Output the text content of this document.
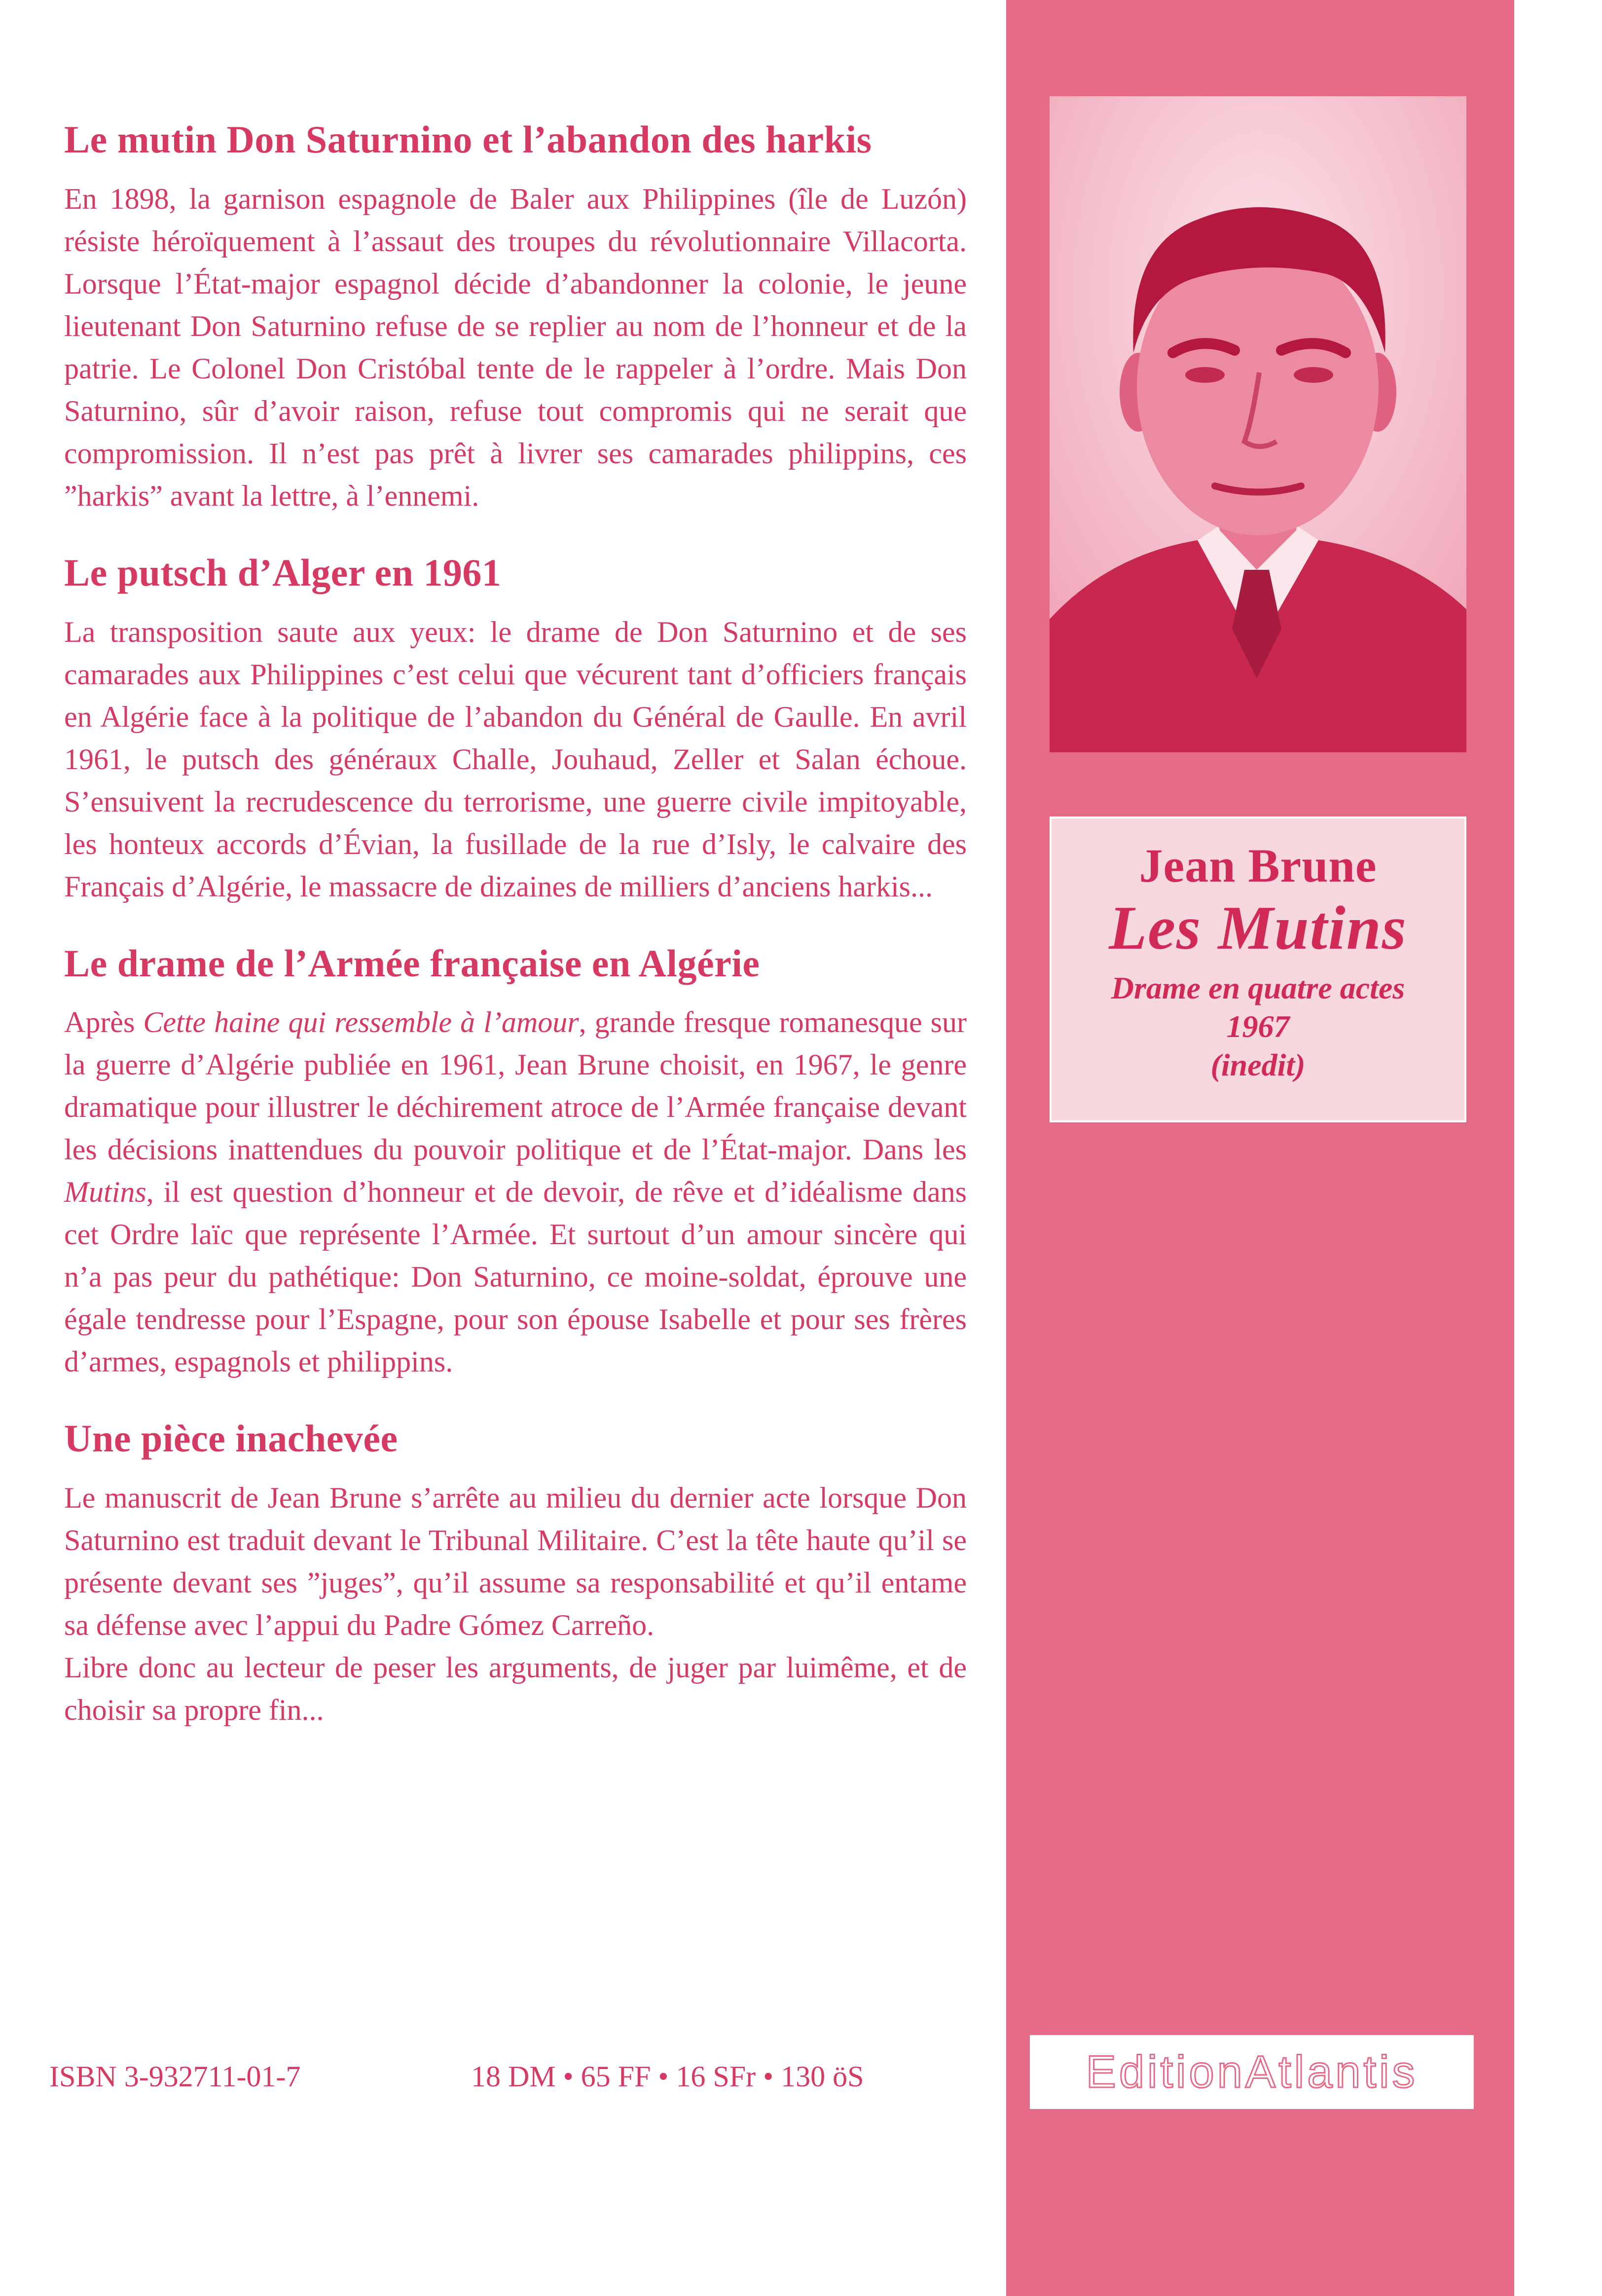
Le mutin Don Saturnino et l’abandon des harkis

En 1898, la garnison espagnole de Baler aux Philippines (île de Luzón) résiste héroïquement à l’assaut des troupes du révolutionnaire Villacorta. Lorsque l’État-major espagnol décide d’abandonner la colonie, le jeune lieutenant Don Saturnino refuse de se replier au nom de l’honneur et de la patrie. Le Colonel Don Cristóbal tente de le rappeler à l’ordre. Mais Don Saturnino, sûr d’avoir raison, refuse tout compromis qui ne serait que compromission. Il n’est pas prêt à livrer ses camarades philippins, ces ”harkis” avant la lettre, à l’ennemi.

Le putsch d’Alger en 1961

La transposition saute aux yeux: le drame de Don Saturnino et de ses camarades aux Philippines c’est celui que vécurent tant d’officiers français en Algérie face à la politique de l’abandon du Général de Gaulle. En avril 1961, le putsch des généraux Challe, Jouhaud, Zeller et Salan échoue. S’ensuivent la recrudescence du terrorisme, une guerre civile impitoyable, les honteux accords d’Évian, la fusillade de la rue d’Isly, le calvaire des Français d’Algérie, le massacre de dizaines de milliers d’anciens harkis...

Le drame de l’Armée française en Algérie

Après Cette haine qui ressemble à l’amour, grande fresque romanesque sur la guerre d’Algérie publiée en 1961, Jean Brune choisit, en 1967, le genre dramatique pour illustrer le déchirement atroce de l’Armée française devant les décisions inattendues du pouvoir politique et de l’État-major. Dans les Mutins, il est question d’honneur et de devoir, de rêve et d’idéalisme dans cet Ordre laïc que représente l’Armée. Et surtout d’un amour sincère qui n’a pas peur du pathétique: Don Saturnino, ce moine-soldat, éprouve une égale tendresse pour l’Espagne, pour son épouse Isabelle et pour ses frères d’armes, espagnols et philippins.

Une pièce inachevée

Le manuscrit de Jean Brune s’arrête au milieu du dernier acte lorsque Don Saturnino est traduit devant le Tribunal Militaire. C’est la tête haute qu’il se présente devant ses ”juges”, qu’il assume sa responsabilité et qu’il entame sa défense avec l’appui du Padre Gómez Carreño.

Libre donc au lecteur de peser les arguments, de juger par luimême, et de choisir sa propre fin...

ISBN 3-932711-01-7	18 DM • 65 FF • 16 SFr • 130 öS
Jean Brune
Les Mutins
Drame en quatre actes
1967
(inedit)
EditionAtlantis
